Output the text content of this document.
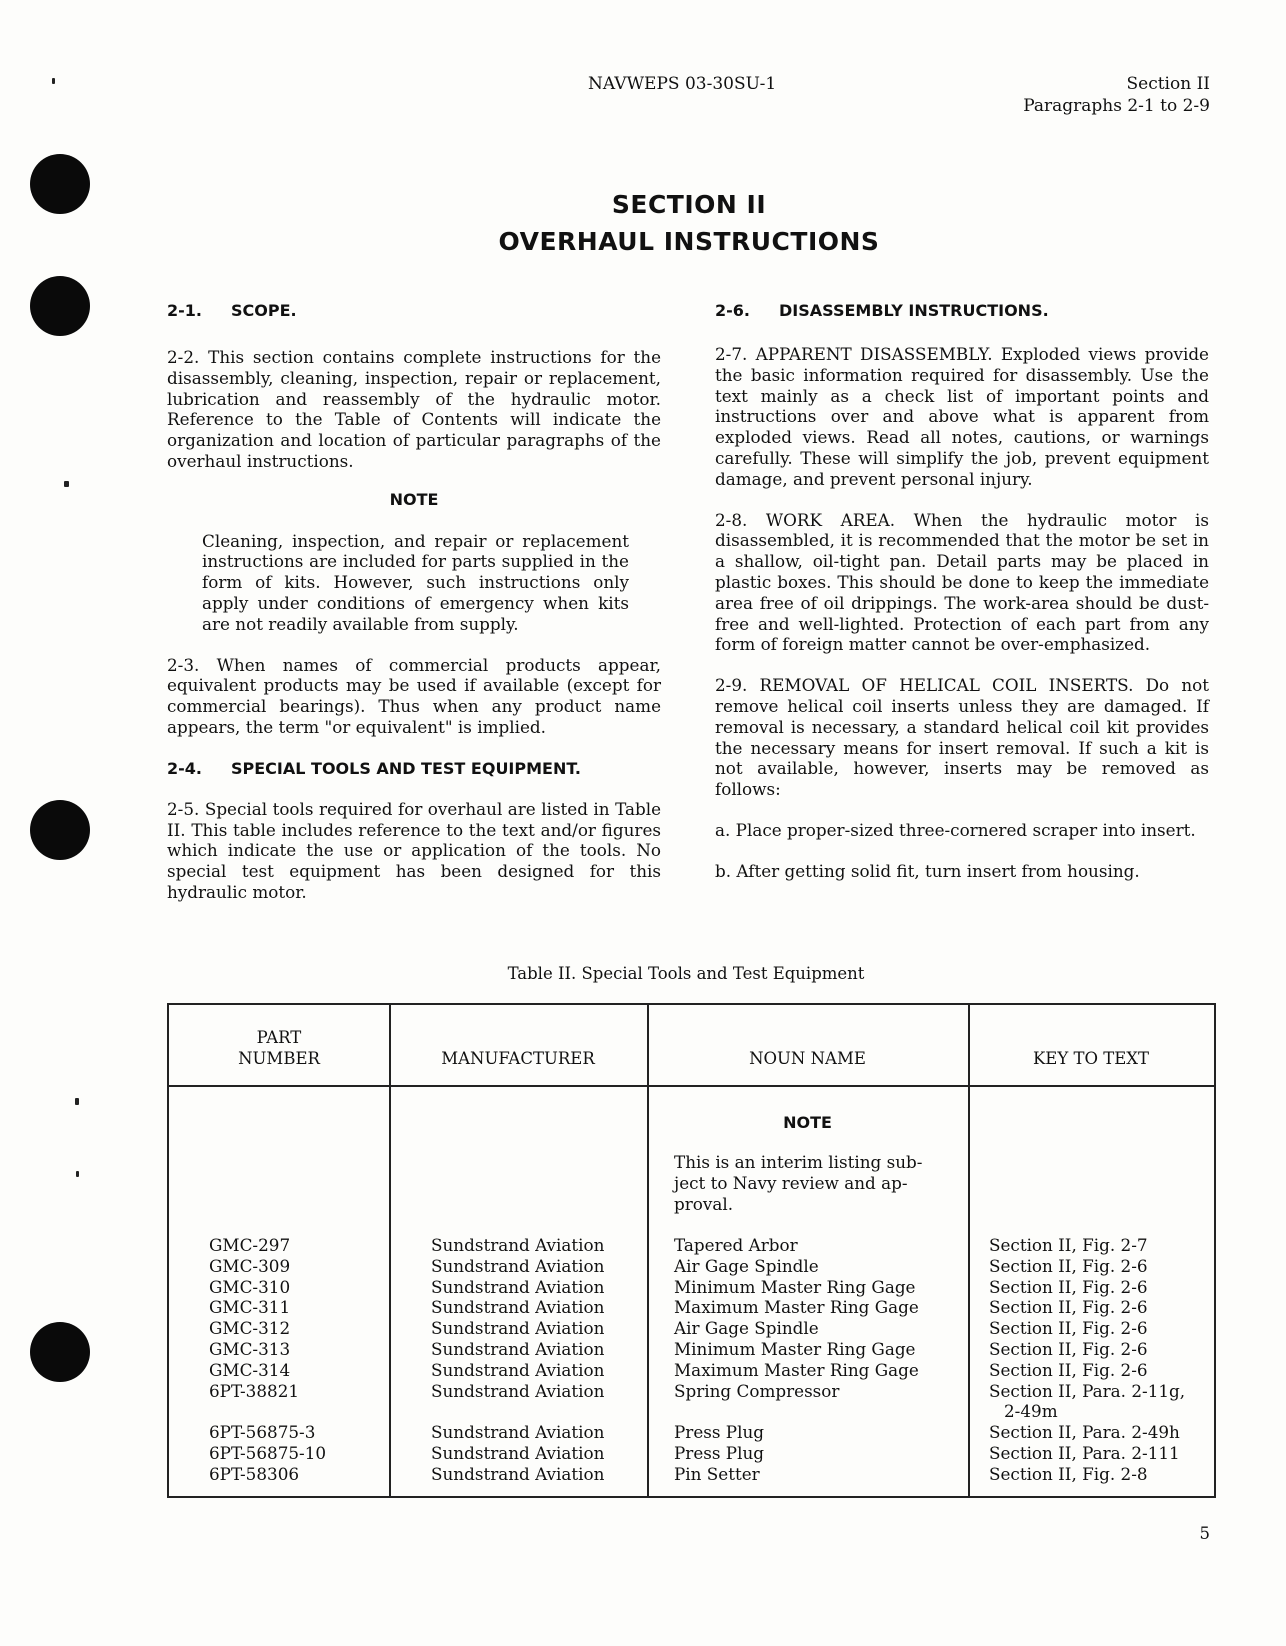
NAVWEPS 03-30SU-1	Section II
Paragraphs 2-1 to 2-9
SECTION II
OVERHAUL INSTRUCTIONS
2-1. SCOPE.

2-2. This section contains complete instructions for the disassembly, cleaning, inspection, repair or replacement, lubrication and reassembly of the hydraulic motor. Reference to the Table of Contents will indicate the organization and location of particular paragraphs of the overhaul instructions.

NOTE

Cleaning, inspection, and repair or replacement instructions are included for parts supplied in the form of kits. However, such instructions only apply under conditions of emergency when kits are not readily available from supply.

2-3. When names of commercial products appear, equivalent products may be used if available (except for commercial bearings). Thus when any product name appears, the term "or equivalent" is implied.

2-4. SPECIAL TOOLS AND TEST EQUIPMENT.

2-5. Special tools required for overhaul are listed in Table II. This table includes reference to the text and/or figures which indicate the use or application of the tools. No special test equipment has been designed for this hydraulic motor.

2-6. DISASSEMBLY INSTRUCTIONS.

2-7. APPARENT DISASSEMBLY. Exploded views provide the basic information required for disassembly. Use the text mainly as a check list of important points and instructions over and above what is apparent from exploded views. Read all notes, cautions, or warnings carefully. These will simplify the job, prevent equipment damage, and prevent personal injury.

2-8. WORK AREA. When the hydraulic motor is disassembled, it is recommended that the motor be set in a shallow, oil-tight pan. Detail parts may be placed in plastic boxes. This should be done to keep the immediate area free of oil drippings. The work-area should be dust-free and well-lighted. Protection of each part from any form of foreign matter cannot be over-emphasized.

2-9. REMOVAL OF HELICAL COIL INSERTS. Do not remove helical coil inserts unless they are damaged. If removal is necessary, a standard helical coil kit provides the necessary means for insert removal. If such a kit is not available, however, inserts may be removed as follows:

a. Place proper-sized three-cornered scraper into insert.

b. After getting solid fit, turn insert from housing.

Table II. Special Tools and Test Equipment
PART
NUMBER	MANUFACTURER	NOUN NAME	KEY TO TEXT
NOTE
This is an interim listing sub-
ject to Navy review and ap-
proval.
GMC-297	Sundstrand Aviation	Tapered Arbor	Section II, Fig. 2-7
GMC-309	Sundstrand Aviation	Air Gage Spindle	Section II, Fig. 2-6
GMC-310	Sundstrand Aviation	Minimum Master Ring Gage	Section II, Fig. 2-6
GMC-311	Sundstrand Aviation	Maximum Master Ring Gage	Section II, Fig. 2-6
GMC-312	Sundstrand Aviation	Air Gage Spindle	Section II, Fig. 2-6
GMC-313	Sundstrand Aviation	Minimum Master Ring Gage	Section II, Fig. 2-6
GMC-314	Sundstrand Aviation	Maximum Master Ring Gage	Section II, Fig. 2-6
6PT-38821	Sundstrand Aviation	Spring Compressor	Section II, Para. 2-11g,
2-49m
6PT-56875-3	Sundstrand Aviation	Press Plug	Section II, Para. 2-49h
6PT-56875-10	Sundstrand Aviation	Press Plug	Section II, Para. 2-111
6PT-58306	Sundstrand Aviation	Pin Setter	Section II, Fig. 2-8
5
